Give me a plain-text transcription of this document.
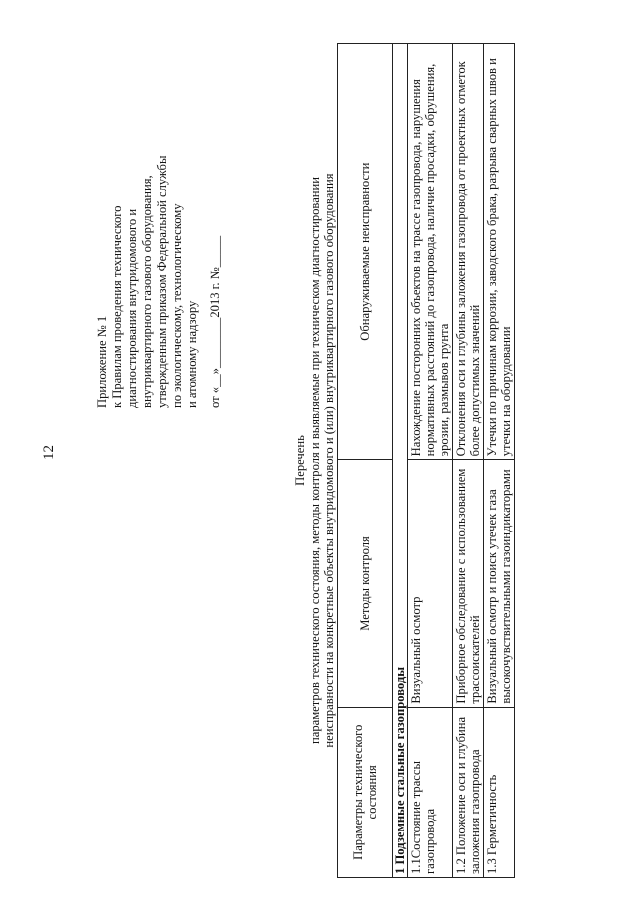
12
Приложение № 1 к Правилам проведения технического диагностирования внутридомового и внутриквартирного газового оборудования, утвержденным приказом Федеральной службы по экологическому, технологическому и атомному надзору от «__»________2013 г. №_____
Перечень параметров технического состояния, методы контроля и выявляемые при техническом диагностировании неисправности на конкретные объекты внутридомового и (или) внутриквартирного газового оборудования
Параметры технического состояния	Методы контроля	Обнаруживаемые неисправности
1 Подземные стальные газопроводы		
1.1Состояние трассы газопровода	Визуальный осмотр	Нахождение посторонних объектов на трассе газопровода, нарушения нормативных расстояний до газопровода, наличие просадки, обрушения, эрозии, размывов грунта
1.2 Положение оси и глубина заложения газопровода	Приборное обследование с использованием трассоискателей	Отклонения оси и глубины заложения газопровода от проектных отметок более допустимых значений
1.3 Герметичность	Визуальный осмотр и поиск утечек газа высокочувствительными газоиндикаторами	Утечки по причинам коррозии, заводского брака, разрыва сварных швов и утечки на оборудовании
